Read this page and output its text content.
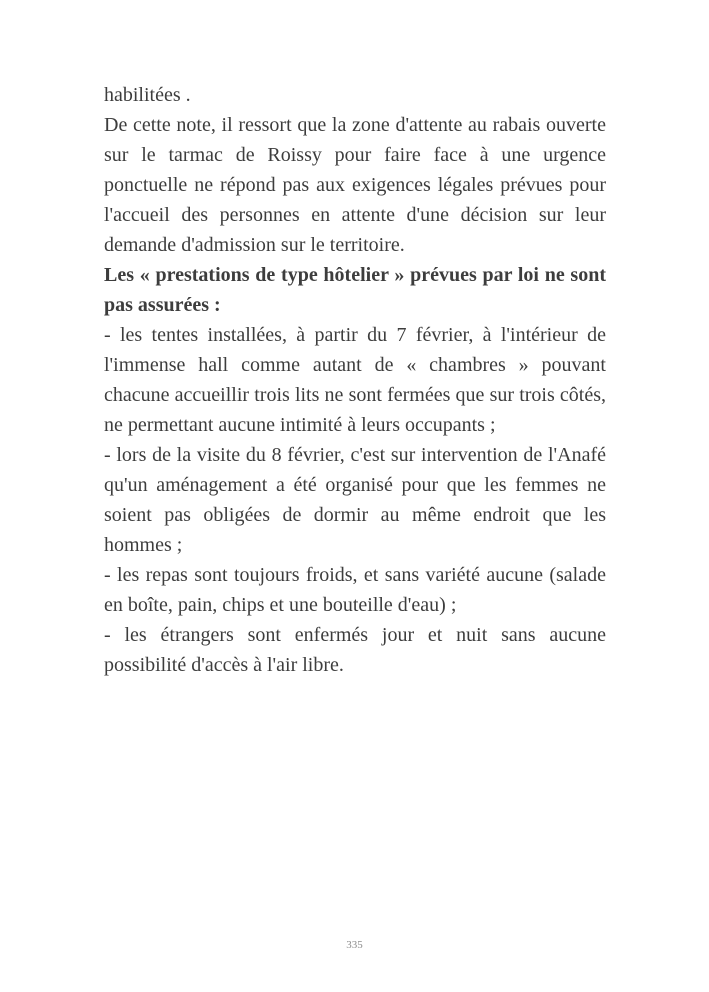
habilitées .

De cette note, il ressort que la zone d'attente au rabais ouverte sur le tarmac de Roissy pour faire face à une urgence ponctuelle ne répond pas aux exigences légales prévues pour l'accueil des personnes en attente d'une décision sur leur demande d'admission sur le territoire.

Les « prestations de type hôtelier » prévues par loi ne sont pas assurées :

- les tentes installées, à partir du 7 février, à l'intérieur de l'immense hall comme autant de « chambres » pouvant chacune accueillir trois lits ne sont fermées que sur trois côtés, ne permettant aucune intimité à leurs occupants ;

- lors de la visite du 8 février, c'est sur intervention de l'Anafé qu'un aménagement a été organisé pour que les femmes ne soient pas obligées de dormir au même endroit que les hommes ;

- les repas sont toujours froids, et sans variété aucune (salade en boîte, pain, chips et une bouteille d'eau) ;

- les étrangers sont enfermés jour et nuit sans aucune possibilité d'accès à l'air libre.

335
